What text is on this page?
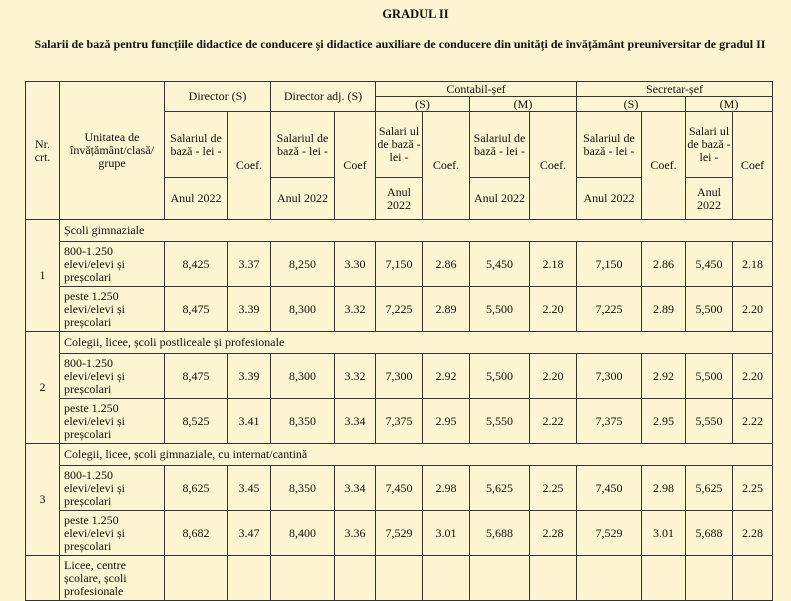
GRADUL II
Salarii de bază pentru funcțiile didactice de conducere și didactice auxiliare de conducere din unități de învățământ preuniversitar de gradul II
Nr. crt.	Unitatea de învățământ/clasă/ grupe	Director (S)		Director adj. (S)		Contabil-șef				Secretar-șef			
						(S)		(M)		(S)		(M)	
		Salariul de bază - lei -	Coef.	Salariul de bază - lei -	Coef	Salari ul de bază - lei -	Coef.	Salariul de bază - lei -	Coef.	Salariul de bază - lei -	Coef.	Salari ul de bază - lei -	Coef
		Anul 2022		Anul 2022		Anul 2022		Anul 2022		Anul 2022		Anul 2022	
1	Școli gimnaziale												
	800-1.250 elevi/elevi și preșcolari	8,425	3.37	8,250	3.30	7,150	2.86	5,450	2.18	7,150	2.86	5,450	2.18
	peste 1.250 elevi/elevi și preșcolari	8,475	3.39	8,300	3.32	7,225	2.89	5,500	2.20	7,225	2.89	5,500	2.20
2	Colegii, licee, școli postliceale și profesionale												
	800-1.250 elevi/elevi și preșcolari	8,475	3.39	8,300	3.32	7,300	2.92	5,500	2.20	7,300	2.92	5,500	2.20
	peste 1.250 elevi/elevi și preșcolari	8,525	3.41	8,350	3.34	7,375	2.95	5,550	2.22	7,375	2.95	5,550	2.22
3	Colegii, licee, școli gimnaziale, cu internat/cantină												
	800-1.250 elevi/elevi și preșcolari	8,625	3.45	8,350	3.34	7,450	2.98	5,625	2.25	7,450	2.98	5,625	2.25
	peste 1.250 elevi/elevi și preșcolari	8,682	3.47	8,400	3.36	7,529	3.01	5,688	2.28	7,529	3.01	5,688	2.28
	Licee, centre școlare, școli profesionale												
